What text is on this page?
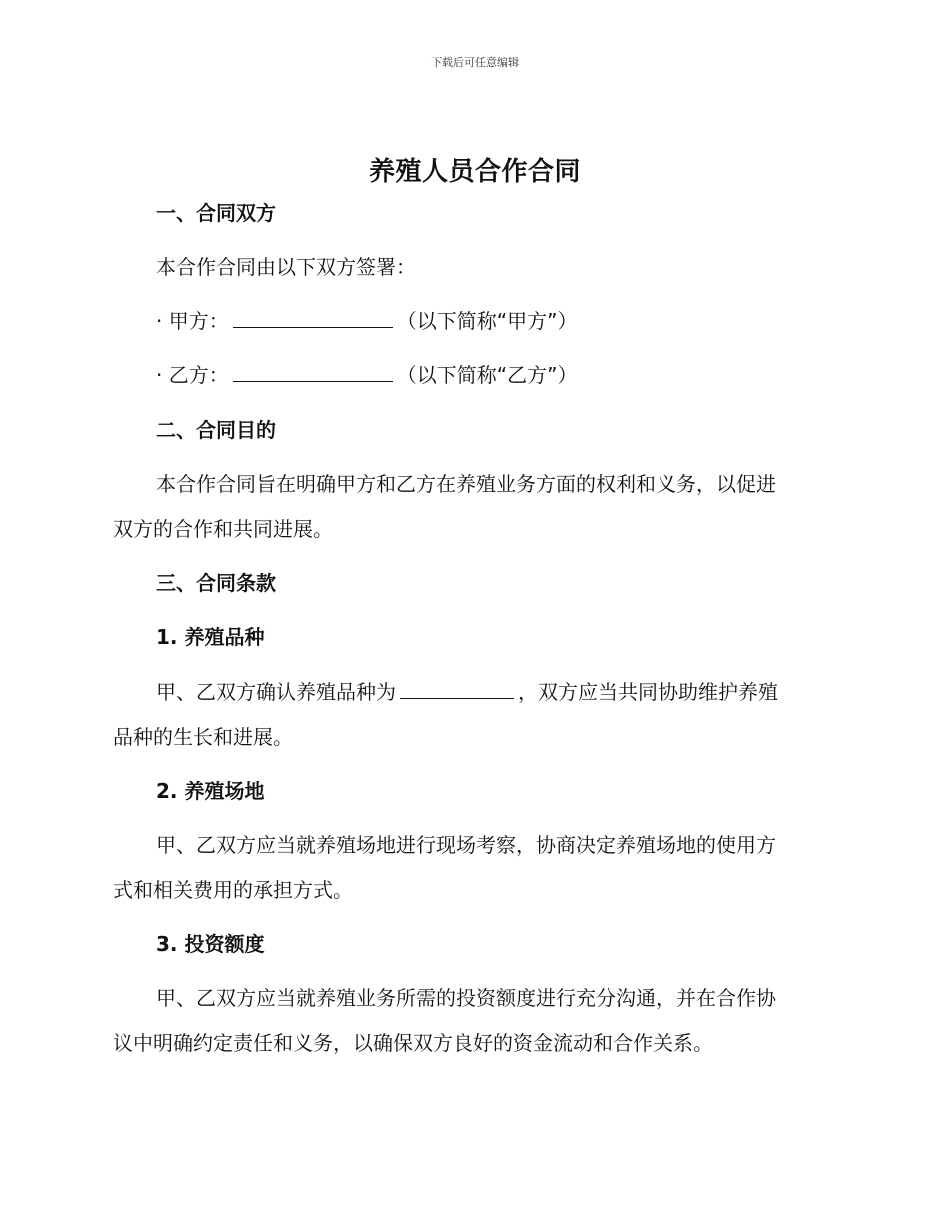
下载后可任意编辑
养殖人员合作合同
一、合同双方
本合作合同由以下双方签署：
· 甲方：	（以下简称“甲方”）
· 乙方：	（以下简称“乙方”）
二、合同目的
本合作合同旨在明确甲方和乙方在养殖业务方面的权利和义务，以促进
双方的合作和共同进展。
三、合同条款
1. 养殖品种
甲、乙双方确认养殖品种为	，双方应当共同协助维护养殖
品种的生长和进展。
2. 养殖场地
甲、乙双方应当就养殖场地进行现场考察，协商决定养殖场地的使用方
式和相关费用的承担方式。
3. 投资额度
甲、乙双方应当就养殖业务所需的投资额度进行充分沟通，并在合作协
议中明确约定责任和义务，以确保双方良好的资金流动和合作关系。
